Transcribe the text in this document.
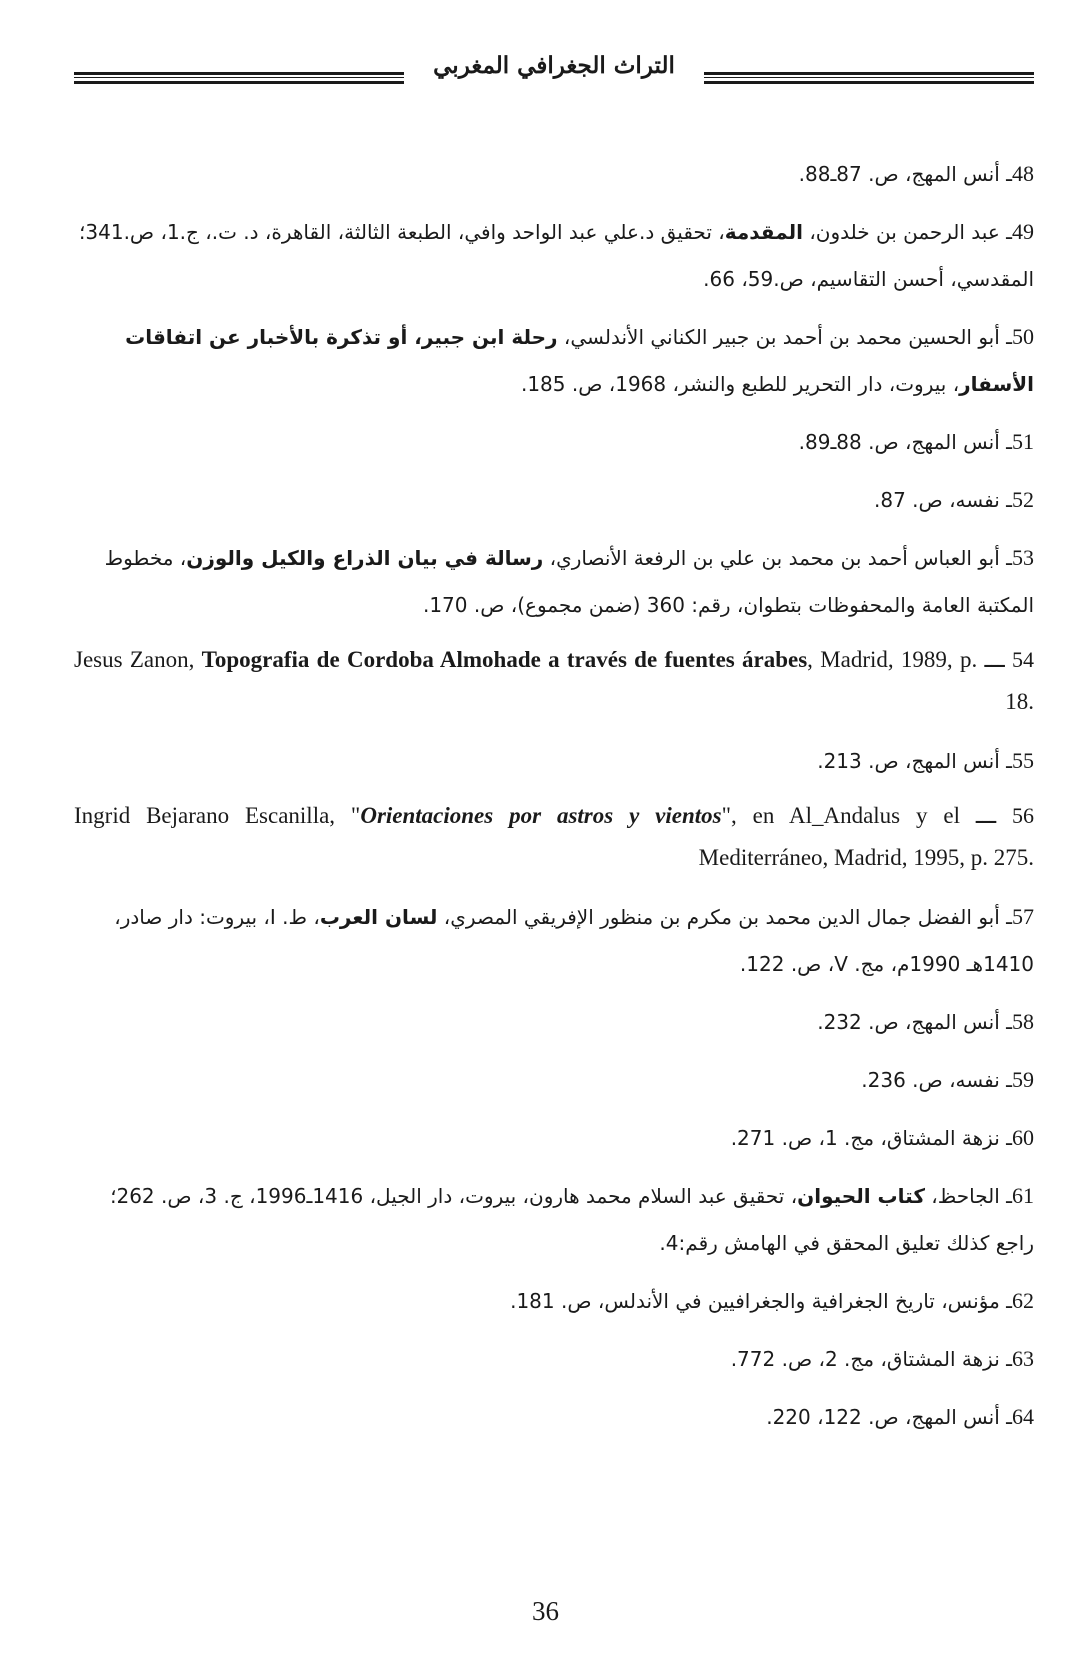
التراث الجغرافي المغربي

48ـ أنس المهج، ص. 87ـ88.

49ـ عبد الرحمن بن خلدون، المقدمة، تحقيق د.علي عبد الواحد وافي، الطبعة الثالثة، القاهرة، د. ت.، ج.1، ص.341؛ المقدسي، أحسن التقاسيم، ص.59، 66.

50ـ أبو الحسين محمد بن أحمد بن جبير الكناني الأندلسي، رحلة ابن جبير، أو تذكرة بالأخبار عن اتفاقات الأسفار، بيروت، دار التحرير للطبع والنشر، 1968، ص. 185.

51ـ أنس المهج، ص. 88ـ89.

52ـ نفسه، ص. 87.

53ـ أبو العباس أحمد بن محمد بن علي بن الرفعة الأنصاري، رسالة في بيان الذراع والكيل والوزن، مخطوط المكتبة العامة والمحفوظات بتطوان، رقم: 360 (ضمن مجموع)، ص. 170.

54 ـــ Jesus Zanon, Topografia de Cordoba Almohade a través de fuentes árabes, Madrid, 1989, p. 18.

55ـ أنس المهج، ص. 213.

56 ـــ Ingrid Bejarano Escanilla, "Orientaciones por astros y vientos", en Al_Andalus y el Mediterráneo, Madrid, 1995, p. 275.

57ـ أبو الفضل جمال الدين محمد بن مكرم بن منظور الإفريقي المصري، لسان العرب، ط. I، بيروت: دار صادر، 1410هـ 1990م، مج. V، ص. 122.

58ـ أنس المهج، ص. 232.

59ـ نفسه، ص. 236.

60ـ نزهة المشتاق، مج. 1، ص. 271.

61ـ الجاحظ، كتاب الحيوان، تحقيق عبد السلام محمد هارون، بيروت، دار الجيل، 1416ـ1996، ج. 3، ص. 262؛ راجع كذلك تعليق المحقق في الهامش رقم:4.

62ـ مؤنس، تاريخ الجغرافية والجغرافيين في الأندلس، ص. 181.

63ـ نزهة المشتاق، مج. 2، ص. 772.

64ـ أنس المهج، ص. 122، 220.

36
